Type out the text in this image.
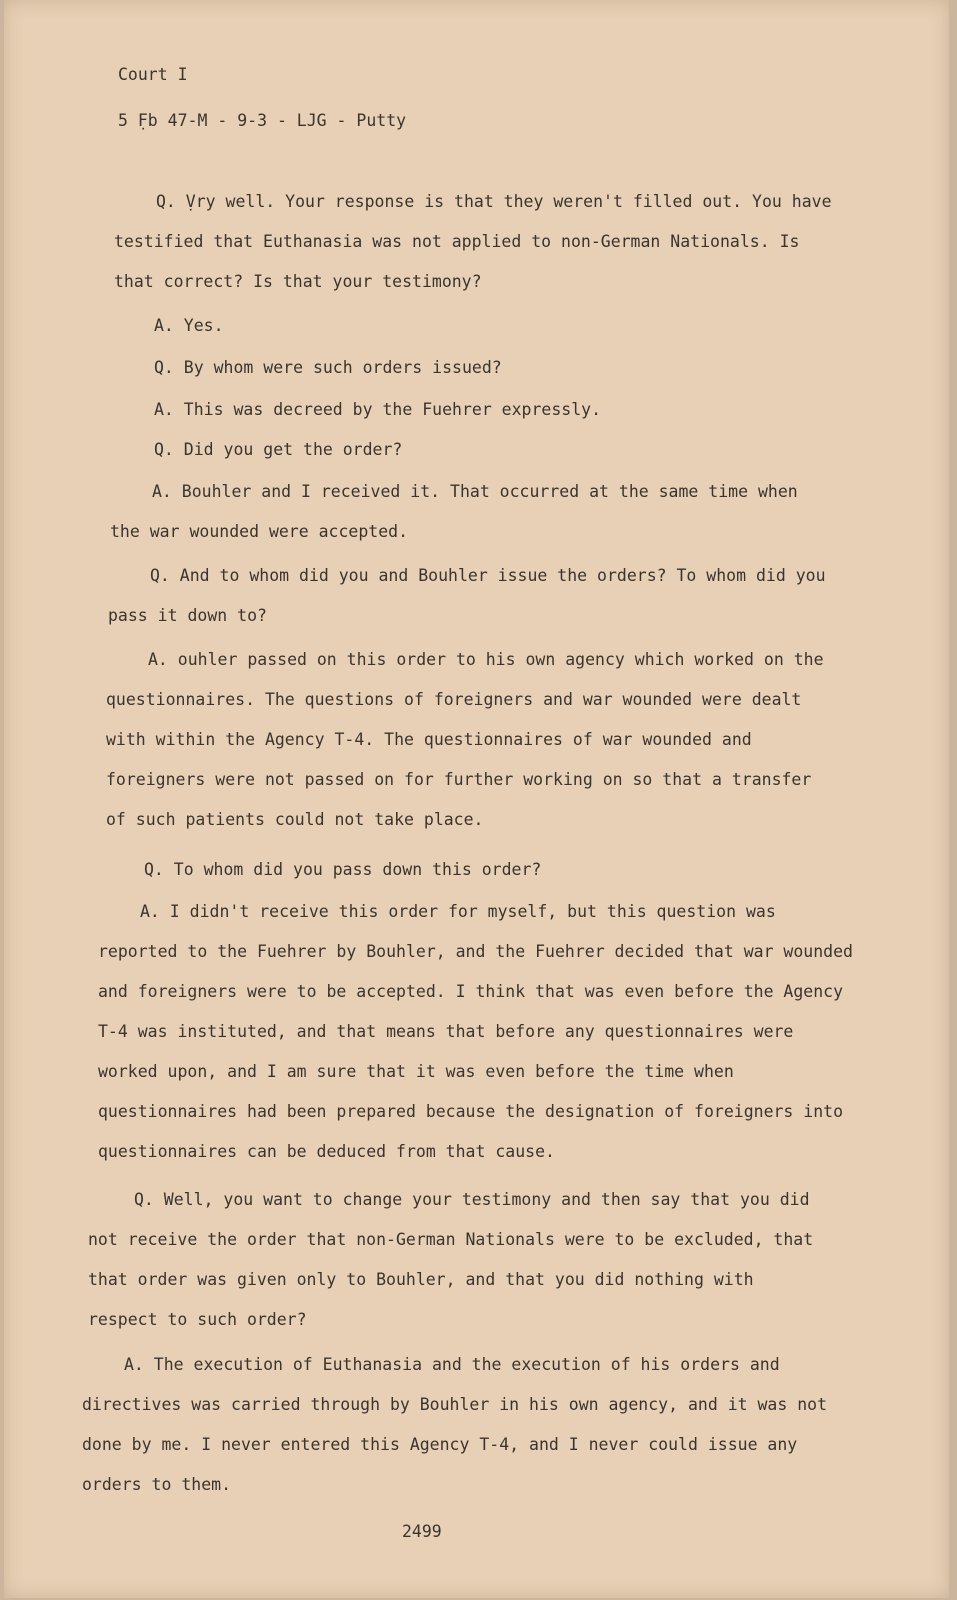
Court I
5 F̣b 47-M - 9-3 - LJG - Putty
Q. Ṿry well. Your response is that they weren't filled out. You have testified that Euthanasia was not applied to non-German Nationals. Is that correct? Is that your testimony?
A. Yes.
Q. By whom were such orders issued?
A. This was decreed by the Fuehrer expressly.
Q. Did you get the order?
A. Bouhler and I received it. That occurred at the same time when the war wounded were accepted.
Q. And to whom did you and Bouhler issue the orders? To whom did you pass it down to?
A. ouhler passed on this order to his own agency which worked on the questionnaires. The questions of foreigners and war wounded were dealt with within the Agency T-4. The questionnaires of war wounded and foreigners were not passed on for further working on so that a transfer of such patients could not take place.
Q. To whom did you pass down this order?
A. I didn't receive this order for myself, but this question was reported to the Fuehrer by Bouhler, and the Fuehrer decided that war wounded and foreigners were to be accepted. I think that was even before the Agency T-4 was instituted, and that means that before any questionnaires were worked upon, and I am sure that it was even before the time when questionnaires had been prepared because the designation of foreigners into questionnaires can be deduced from that cause.
Q. Well, you want to change your testimony and then say that you did not receive the order that non-German Nationals were to be excluded, that that order was given only to Bouhler, and that you did nothing with respect to such order?
A. The execution of Euthanasia and the execution of his orders and directives was carried through by Bouhler in his own agency, and it was not done by me. I never entered this Agency T-4, and I never could issue any orders to them.
2499
